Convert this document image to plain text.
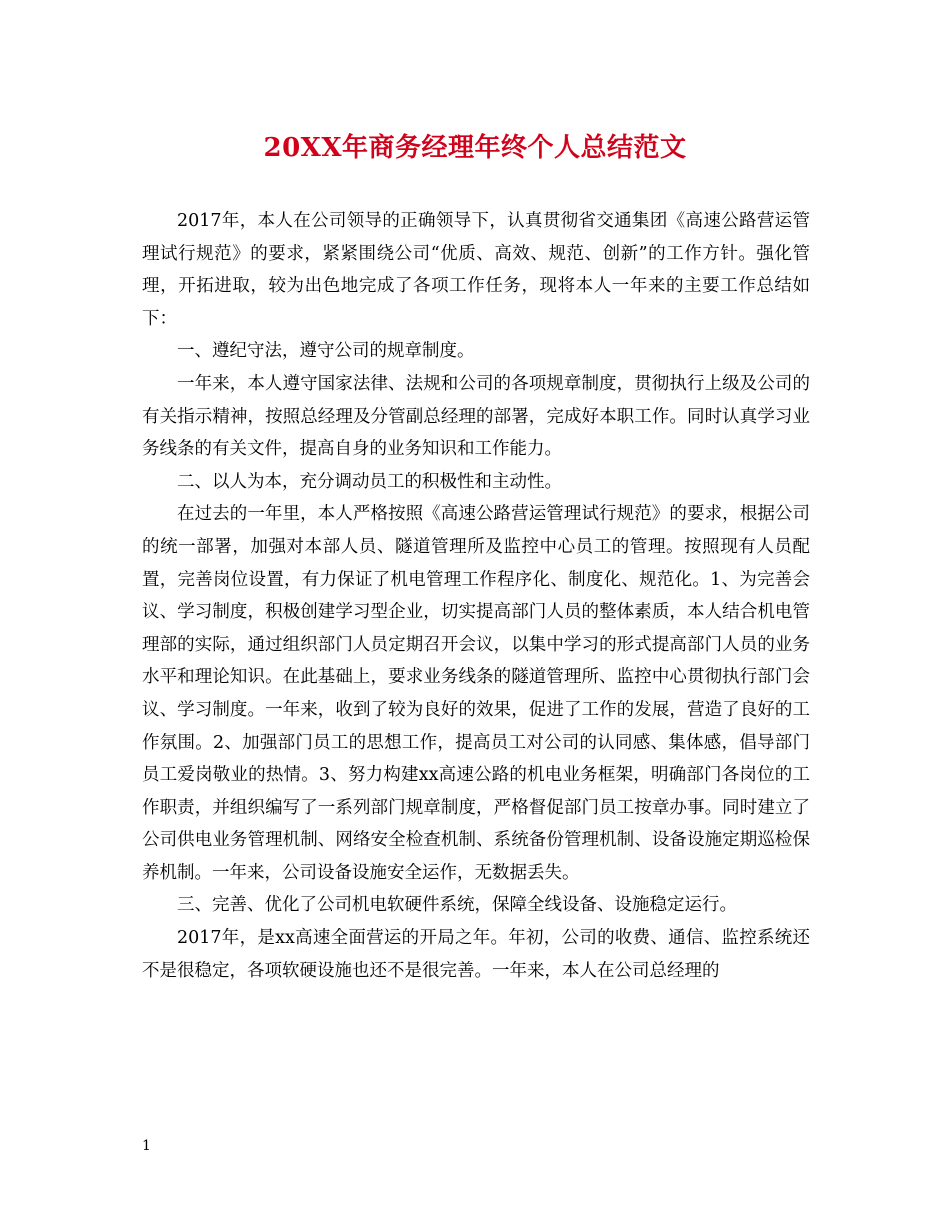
20XX年商务经理年终个人总结范文

2017年，本人在公司领导的正确领导下，认真贯彻省交通集团《高速公路营运管理试行规范》的要求，紧紧围绕公司“优质、高效、规范、创新”的工作方针。强化管理，开拓进取，较为出色地完成了各项工作任务，现将本人一年来的主要工作总结如下：

一、遵纪守法，遵守公司的规章制度。

一年来，本人遵守国家法律、法规和公司的各项规章制度，贯彻执行上级及公司的有关指示精神，按照总经理及分管副总经理的部署，完成好本职工作。同时认真学习业务线条的有关文件，提高自身的业务知识和工作能力。

二、以人为本，充分调动员工的积极性和主动性。

在过去的一年里，本人严格按照《高速公路营运管理试行规范》的要求，根据公司的统一部署，加强对本部人员、隧道管理所及监控中心员工的管理。按照现有人员配置，完善岗位设置，有力保证了机电管理工作程序化、制度化、规范化。1、为完善会议、学习制度，积极创建学习型企业，切实提高部门人员的整体素质，本人结合机电管理部的实际，通过组织部门人员定期召开会议，以集中学习的形式提高部门人员的业务水平和理论知识。在此基础上，要求业务线条的隧道管理所、监控中心贯彻执行部门会议、学习制度。一年来，收到了较为良好的效果，促进了工作的发展，营造了良好的工作氛围。2、加强部门员工的思想工作，提高员工对公司的认同感、集体感，倡导部门员工爱岗敬业的热情。3、努力构建xx高速公路的机电业务框架，明确部门各岗位的工作职责，并组织编写了一系列部门规章制度，严格督促部门员工按章办事。同时建立了公司供电业务管理机制、网络安全检查机制、系统备份管理机制、设备设施定期巡检保养机制。一年来，公司设备设施安全运作，无数据丢失。

三、完善、优化了公司机电软硬件系统，保障全线设备、设施稳定运行。

2017年，是xx高速全面营运的开局之年。年初，公司的收费、通信、监控系统还不是很稳定，各项软硬设施也还不是很完善。一年来，本人在公司总经理的

1
